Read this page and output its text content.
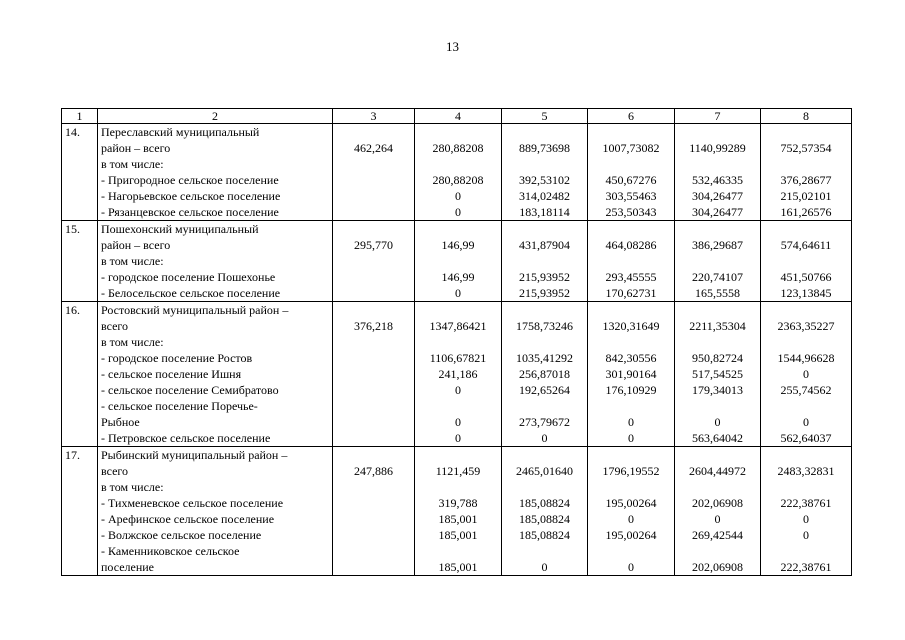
13
1	2	3	4	5	6	7	8
14.	Переславский муниципальный						
	район – всего	462,264	280,88208	889,73698	1007,73082	1140,99289	752,57354
	в том числе:						
	- Пригородное сельское поселение		280,88208	392,53102	450,67276	532,46335	376,28677
	- Нагорьевское сельское поселение		0	314,02482	303,55463	304,26477	215,02101
	- Рязанцевское сельское поселение		0	183,18114	253,50343	304,26477	161,26576
15.	Пошехонский муниципальный						
	район – всего	295,770	146,99	431,87904	464,08286	386,29687	574,64611
	в том числе:						
	- городское поселение Пошехонье		146,99	215,93952	293,45555	220,74107	451,50766
	- Белосельское сельское поселение		0	215,93952	170,62731	165,5558	123,13845
16.	Ростовский муниципальный район –						
	всего	376,218	1347,86421	1758,73246	1320,31649	2211,35304	2363,35227
	в том числе:						
	- городское поселение Ростов		1106,67821	1035,41292	842,30556	950,82724	1544,96628
	- сельское поселение Ишня		241,186	256,87018	301,90164	517,54525	0
	- сельское поселение Семибратово		0	192,65264	176,10929	179,34013	255,74562
	- сельское поселение Поречье-						
	Рыбное		0	273,79672	0	0	0
	- Петровское сельское поселение		0	0	0	563,64042	562,64037
17.	Рыбинский муниципальный район –						
	всего	247,886	1121,459	2465,01640	1796,19552	2604,44972	2483,32831
	в том числе:						
	- Тихменевское сельское поселение		319,788	185,08824	195,00264	202,06908	222,38761
	- Арефинское сельское поселение		185,001	185,08824	0	0	0
	- Волжское сельское поселение		185,001	185,08824	195,00264	269,42544	0
	- Каменниковское сельское						
	поселение		185,001	0	0	202,06908	222,38761
